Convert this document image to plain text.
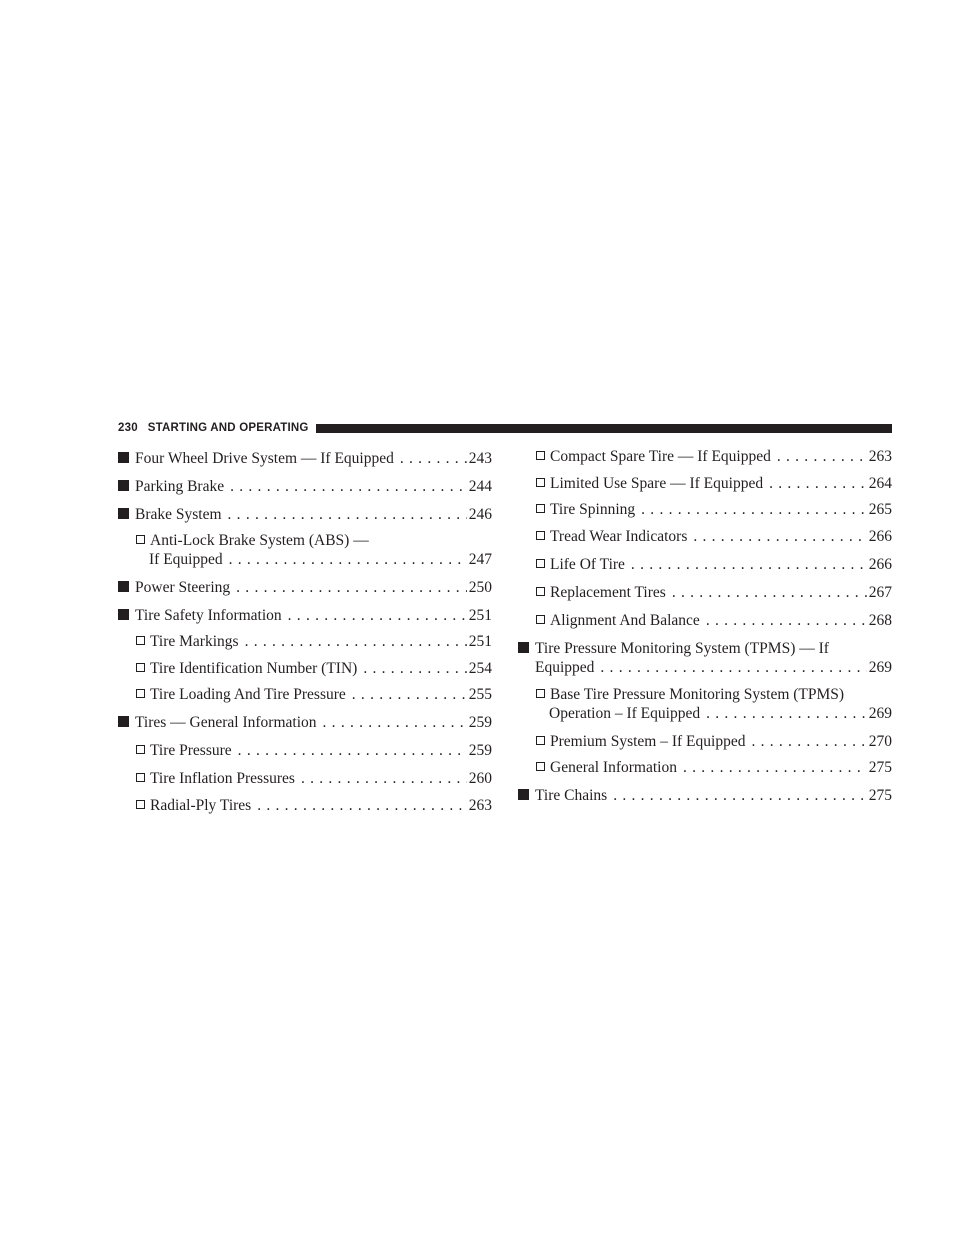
230 STARTING AND OPERATING
Four Wheel Drive System — If Equipped . . .	243
Parking Brake . . .	244
Brake System . . .	246
Anti-Lock Brake System (ABS) —
If Equipped . . .	247
Power Steering . . .	250
Tire Safety Information . . .	251
Tire Markings . . .	251
Tire Identification Number (TIN) . . .	254
Tire Loading And Tire Pressure . . .	255
Tires — General Information . . .	259
Tire Pressure . . .	259
Tire Inflation Pressures . . .	260
Radial-Ply Tires . . .	263
Compact Spare Tire — If Equipped . . .	263
Limited Use Spare — If Equipped . . .	264
Tire Spinning . . .	265
Tread Wear Indicators . . .	266
Life Of Tire . . .	266
Replacement Tires . . .	267
Alignment And Balance . . .	268
Tire Pressure Monitoring System (TPMS) — If
Equipped . . .	269
Base Tire Pressure Monitoring System (TPMS)
Operation – If Equipped . . .	269
Premium System – If Equipped . . .	270
General Information . . .	275
Tire Chains . . .	275
